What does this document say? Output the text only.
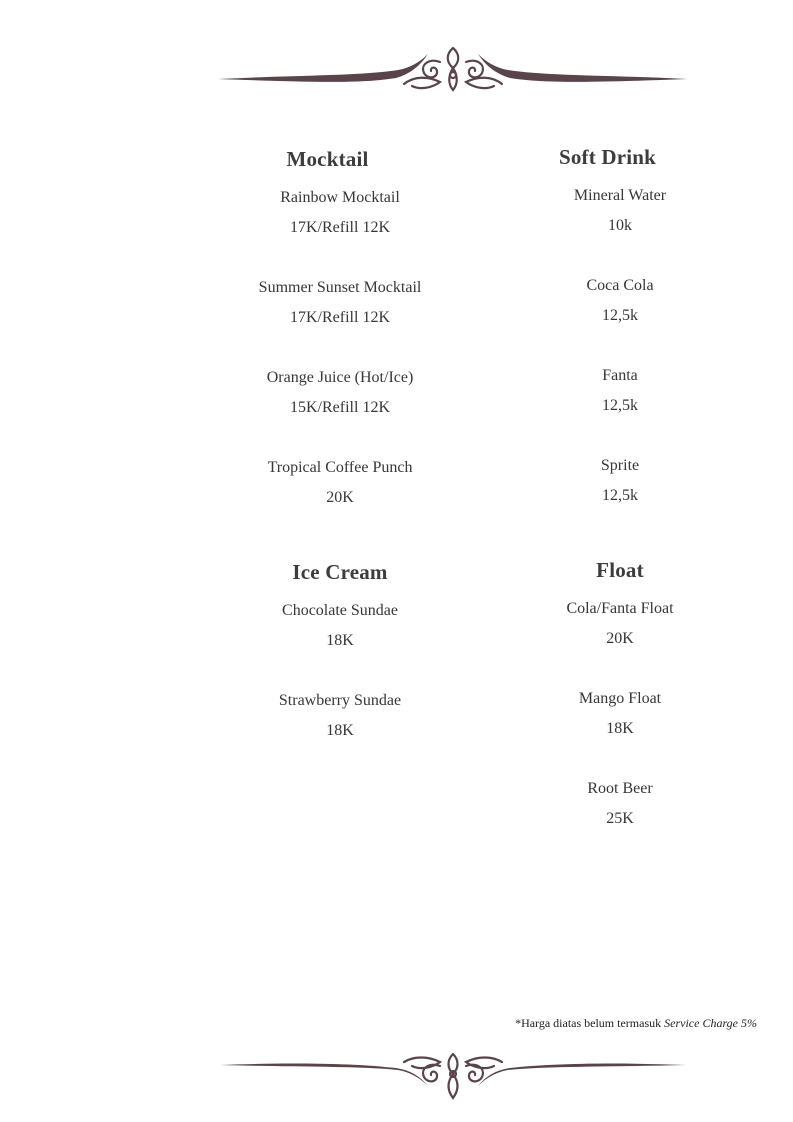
Mocktail
Rainbow Mocktail
17K/Refill 12K
Summer Sunset Mocktail
17K/Refill 12K
Orange Juice (Hot/Ice)
15K/Refill 12K
Tropical Coffee Punch
20K
Soft Drink
Mineral Water
10k
Coca Cola
12,5k
Fanta
12,5k
Sprite
12,5k
Ice Cream
Chocolate Sundae
18K
Strawberry Sundae
18K
Float
Cola/Fanta Float
20K
Mango Float
18K
Root Beer
25K
*Harga diatas belum termasuk Service Charge 5%
